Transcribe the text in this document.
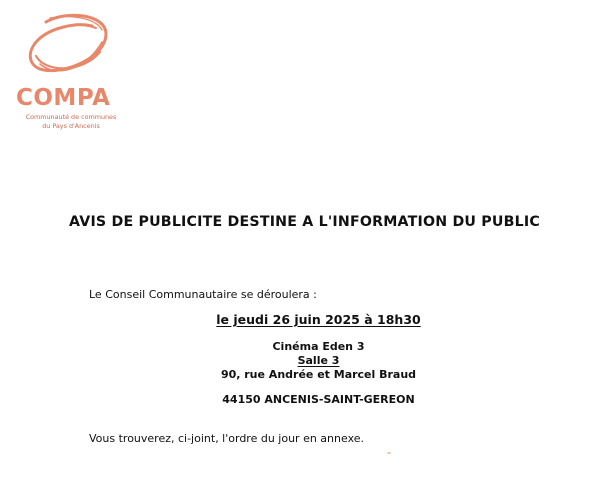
COMPA
Communauté de communes
du Pays d'Ancenis
AVIS DE PUBLICITE DESTINE A L'INFORMATION DU PUBLIC
Le Conseil Communautaire se déroulera :
le jeudi 26 juin 2025 à 18h30
Cinéma Eden 3
Salle 3
90, rue Andrée et Marcel Braud
44150 ANCENIS-SAINT-GEREON
Vous trouverez, ci-joint, l'ordre du jour en annexe.
